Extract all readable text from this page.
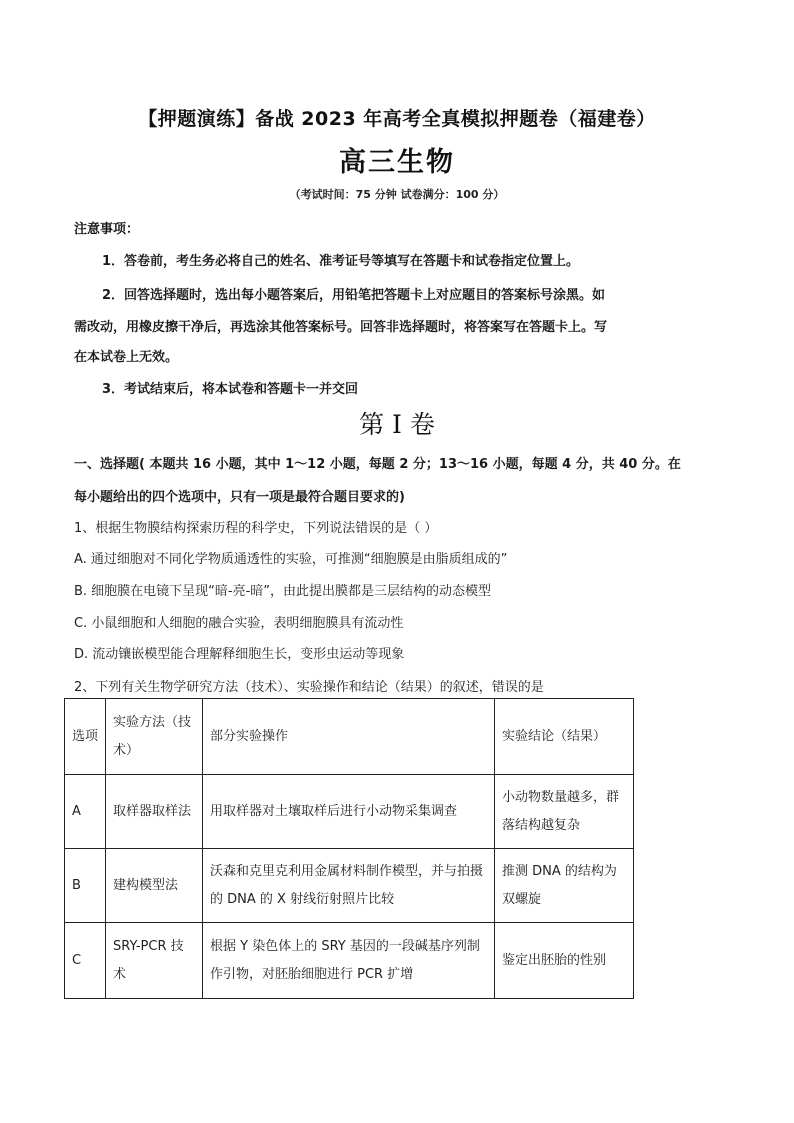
【押题演练】备战 2023 年高考全真模拟押题卷（福建卷）
高三生物
（考试时间：75 分钟 试卷满分：100 分）
注意事项：
1．答卷前，考生务必将自己的姓名、准考证号等填写在答题卡和试卷指定位置上。
2．回答选择题时，选出每小题答案后，用铅笔把答题卡上对应题目的答案标号涂黑。如
需改动，用橡皮擦干净后，再选涂其他答案标号。回答非选择题时，将答案写在答题卡上。写
在本试卷上无效。
3．考试结束后，将本试卷和答题卡一并交回
第 I 卷
一、选择题( 本题共 16 小题，其中 1～12 小题，每题 2 分；13～16 小题，每题 4 分，共 40 分。在
每小题给出的四个选项中，只有一项是最符合题目要求的)
1、根据生物膜结构探索历程的科学史，下列说法错误的是（ ）
A. 通过细胞对不同化学物质通透性的实验，可推测“细胞膜是由脂质组成的”
B. 细胞膜在电镜下呈现“暗-亮-暗”，由此提出膜都是三层结构的动态模型
C. 小鼠细胞和人细胞的融合实验，表明细胞膜具有流动性
D. 流动镶嵌模型能合理解释细胞生长，变形虫运动等现象
2、下列有关生物学研究方法（技术）、实验操作和结论（结果）的叙述，错误的是
选项	实验方法（技术）	部分实验操作	实验结论（结果）
A	取样器取样法	用取样器对土壤取样后进行小动物采集调查	小动物数量越多，群落结构越复杂
B	建构模型法	沃森和克里克利用金属材料制作模型，并与拍摄的 DNA 的 X 射线衍射照片比较	推测 DNA 的结构为双螺旋
C	SRY-PCR 技术	根据 Y 染色体上的 SRY 基因的一段碱基序列制作引物，对胚胎细胞进行 PCR 扩增	鉴定出胚胎的性别
